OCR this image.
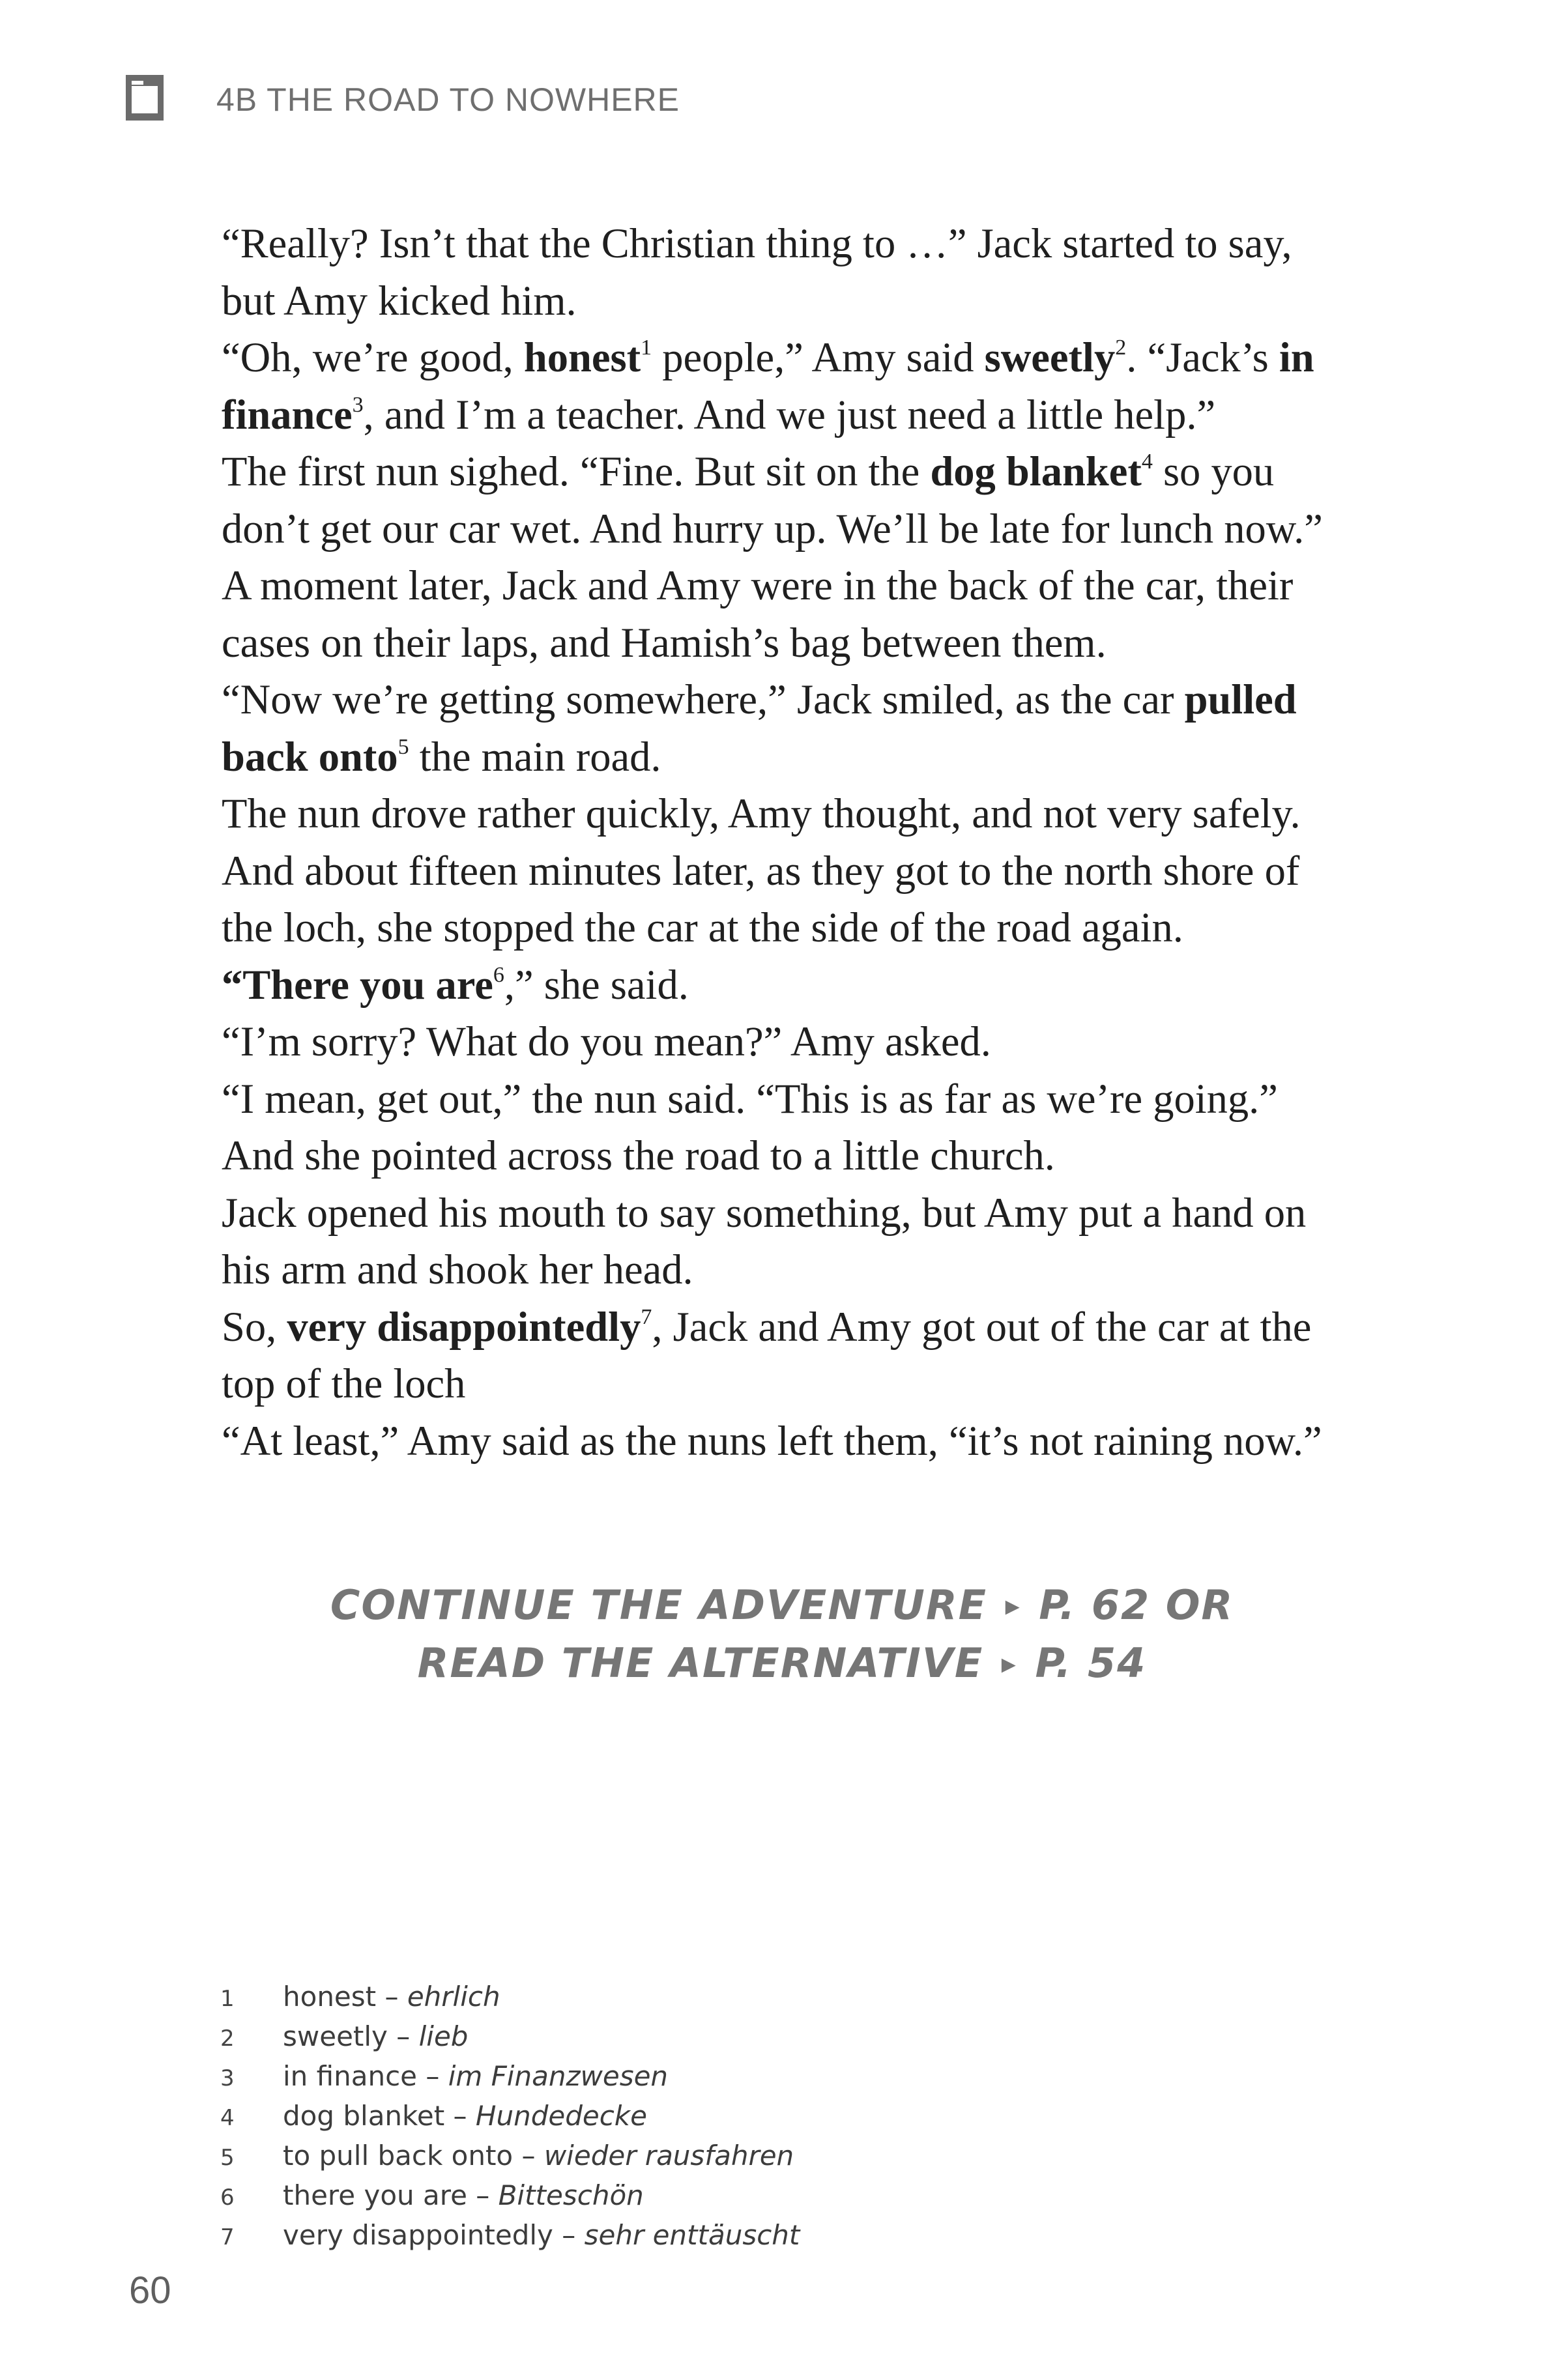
4B THE ROAD TO NOWHERE

“Really? Isn’t that the Christian thing to …” Jack started to say, but Amy kicked him.

“Oh, we’re good, honest$^1$ people,” Amy said sweetly$^2$. “Jack’s in finance$^3$, and I’m a teacher. And we just need a little help.”

The first nun sighed. “Fine. But sit on the dog blanket$^4$ so you don’t get our car wet. And hurry up. We’ll be late for lunch now.”

A moment later, Jack and Amy were in the back of the car, their cases on their laps, and Hamish’s bag between them.

“Now we’re getting somewhere,” Jack smiled, as the car pulled back onto$^5$ the main road.

The nun drove rather quickly, Amy thought, and not very safely. And about fifteen minutes later, as they got to the north shore of the loch, she stopped the car at the side of the road again.

“There you are$^6$,” she said.

“I’m sorry? What do you mean?” Amy asked.

“I mean, get out,” the nun said. “This is as far as we’re going.” And she pointed across the road to a little church.

Jack opened his mouth to say something, but Amy put a hand on his arm and shook her head.

So, very disappointedly$^7$, Jack and Amy got out of the car at the top of the loch

“At least,” Amy said as the nuns left them, “it’s not raining now.”

CONTINUE THE ADVENTURE ▸ P. 62 OR
READ THE ALTERNATIVE ▸ P. 54
1 honest – ehrlich
2 sweetly – lieb
3 in finance – im Finanzwesen
4 dog blanket – Hundedecke
5 to pull back onto – wieder rausfahren
6 there you are – Bitteschön
7 very disappointedly – sehr enttäuscht
60
